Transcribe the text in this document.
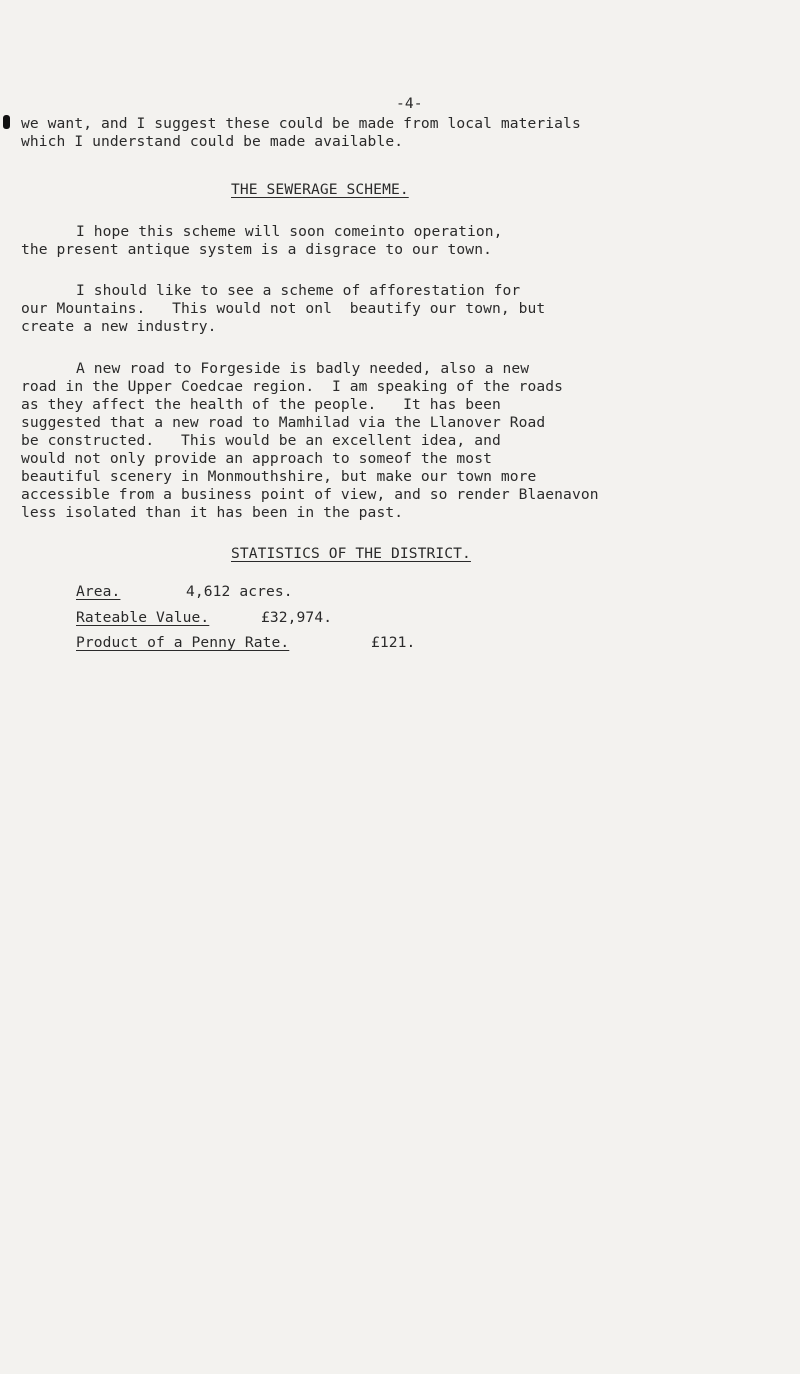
-4-
we want, and I suggest these could be made from local materials
which I understand could be made available.
THE SEWERAGE SCHEME.
I hope this scheme will soon comeinto operation,
the present antique system is a disgrace to our town.
I should like to see a scheme of afforestation for
our Mountains.   This would not onl  beautify our town, but
create a new industry.
A new road to Forgeside is badly needed, also a new
road in the Upper Coedcae region.  I am speaking of the roads
as they affect the health of the people.   It has been
suggested that a new road to Mamhilad via the Llanover Road
be constructed.   This would be an excellent idea, and
would not only provide an approach to someof the most
beautiful scenery in Monmouthshire, but make our town more
accessible from a business point of view, and so render Blaenavon
less isolated than it has been in the past.
STATISTICS OF THE DISTRICT.
Area.	4,612 acres.
Rateable Value.	£32,974.
Product of a Penny Rate.	£121.
